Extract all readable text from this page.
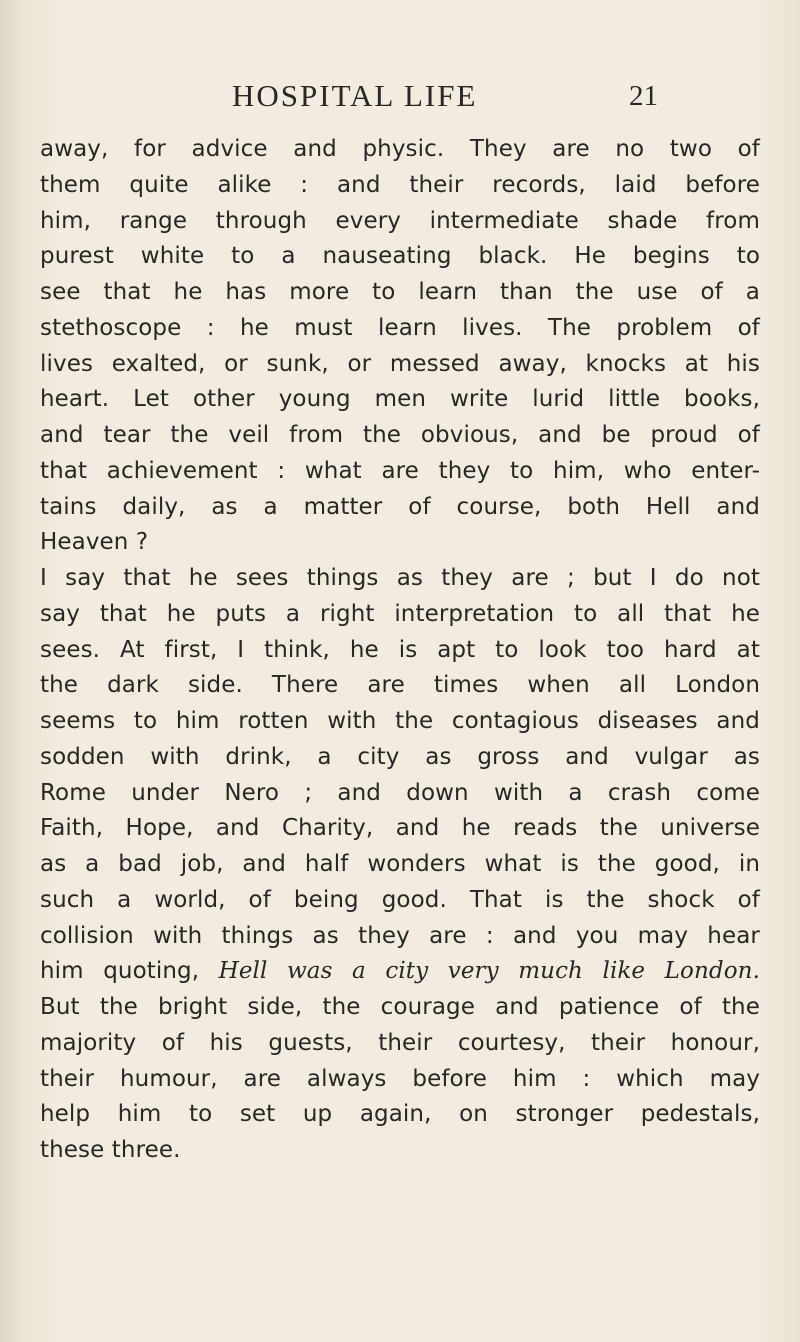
HOSPITAL LIFE	21
away, for advice and physic. They are no two of
them quite alike : and their records, laid before
him, range through every intermediate shade from
purest white to a nauseating black. He begins to
see that he has more to learn than the use of a
stethoscope : he must learn lives. The problem of
lives exalted, or sunk, or messed away, knocks at his
heart. Let other young men write lurid little books,
and tear the veil from the obvious, and be proud of
that achievement : what are they to him, who enter-
tains daily, as a matter of course, both Hell and
Heaven ?
I say that he sees things as they are ; but I do not
say that he puts a right interpretation to all that he
sees. At first, I think, he is apt to look too hard at
the dark side. There are times when all London
seems to him rotten with the contagious diseases and
sodden with drink, a city as gross and vulgar as
Rome under Nero ; and down with a crash come
Faith, Hope, and Charity, and he reads the universe
as a bad job, and half wonders what is the good, in
such a world, of being good. That is the shock of
collision with things as they are : and you may hear
him quoting, Hell was a city very much like London.
But the bright side, the courage and patience of the
majority of his guests, their courtesy, their honour,
their humour, are always before him : which may
help him to set up again, on stronger pedestals,
these three.
